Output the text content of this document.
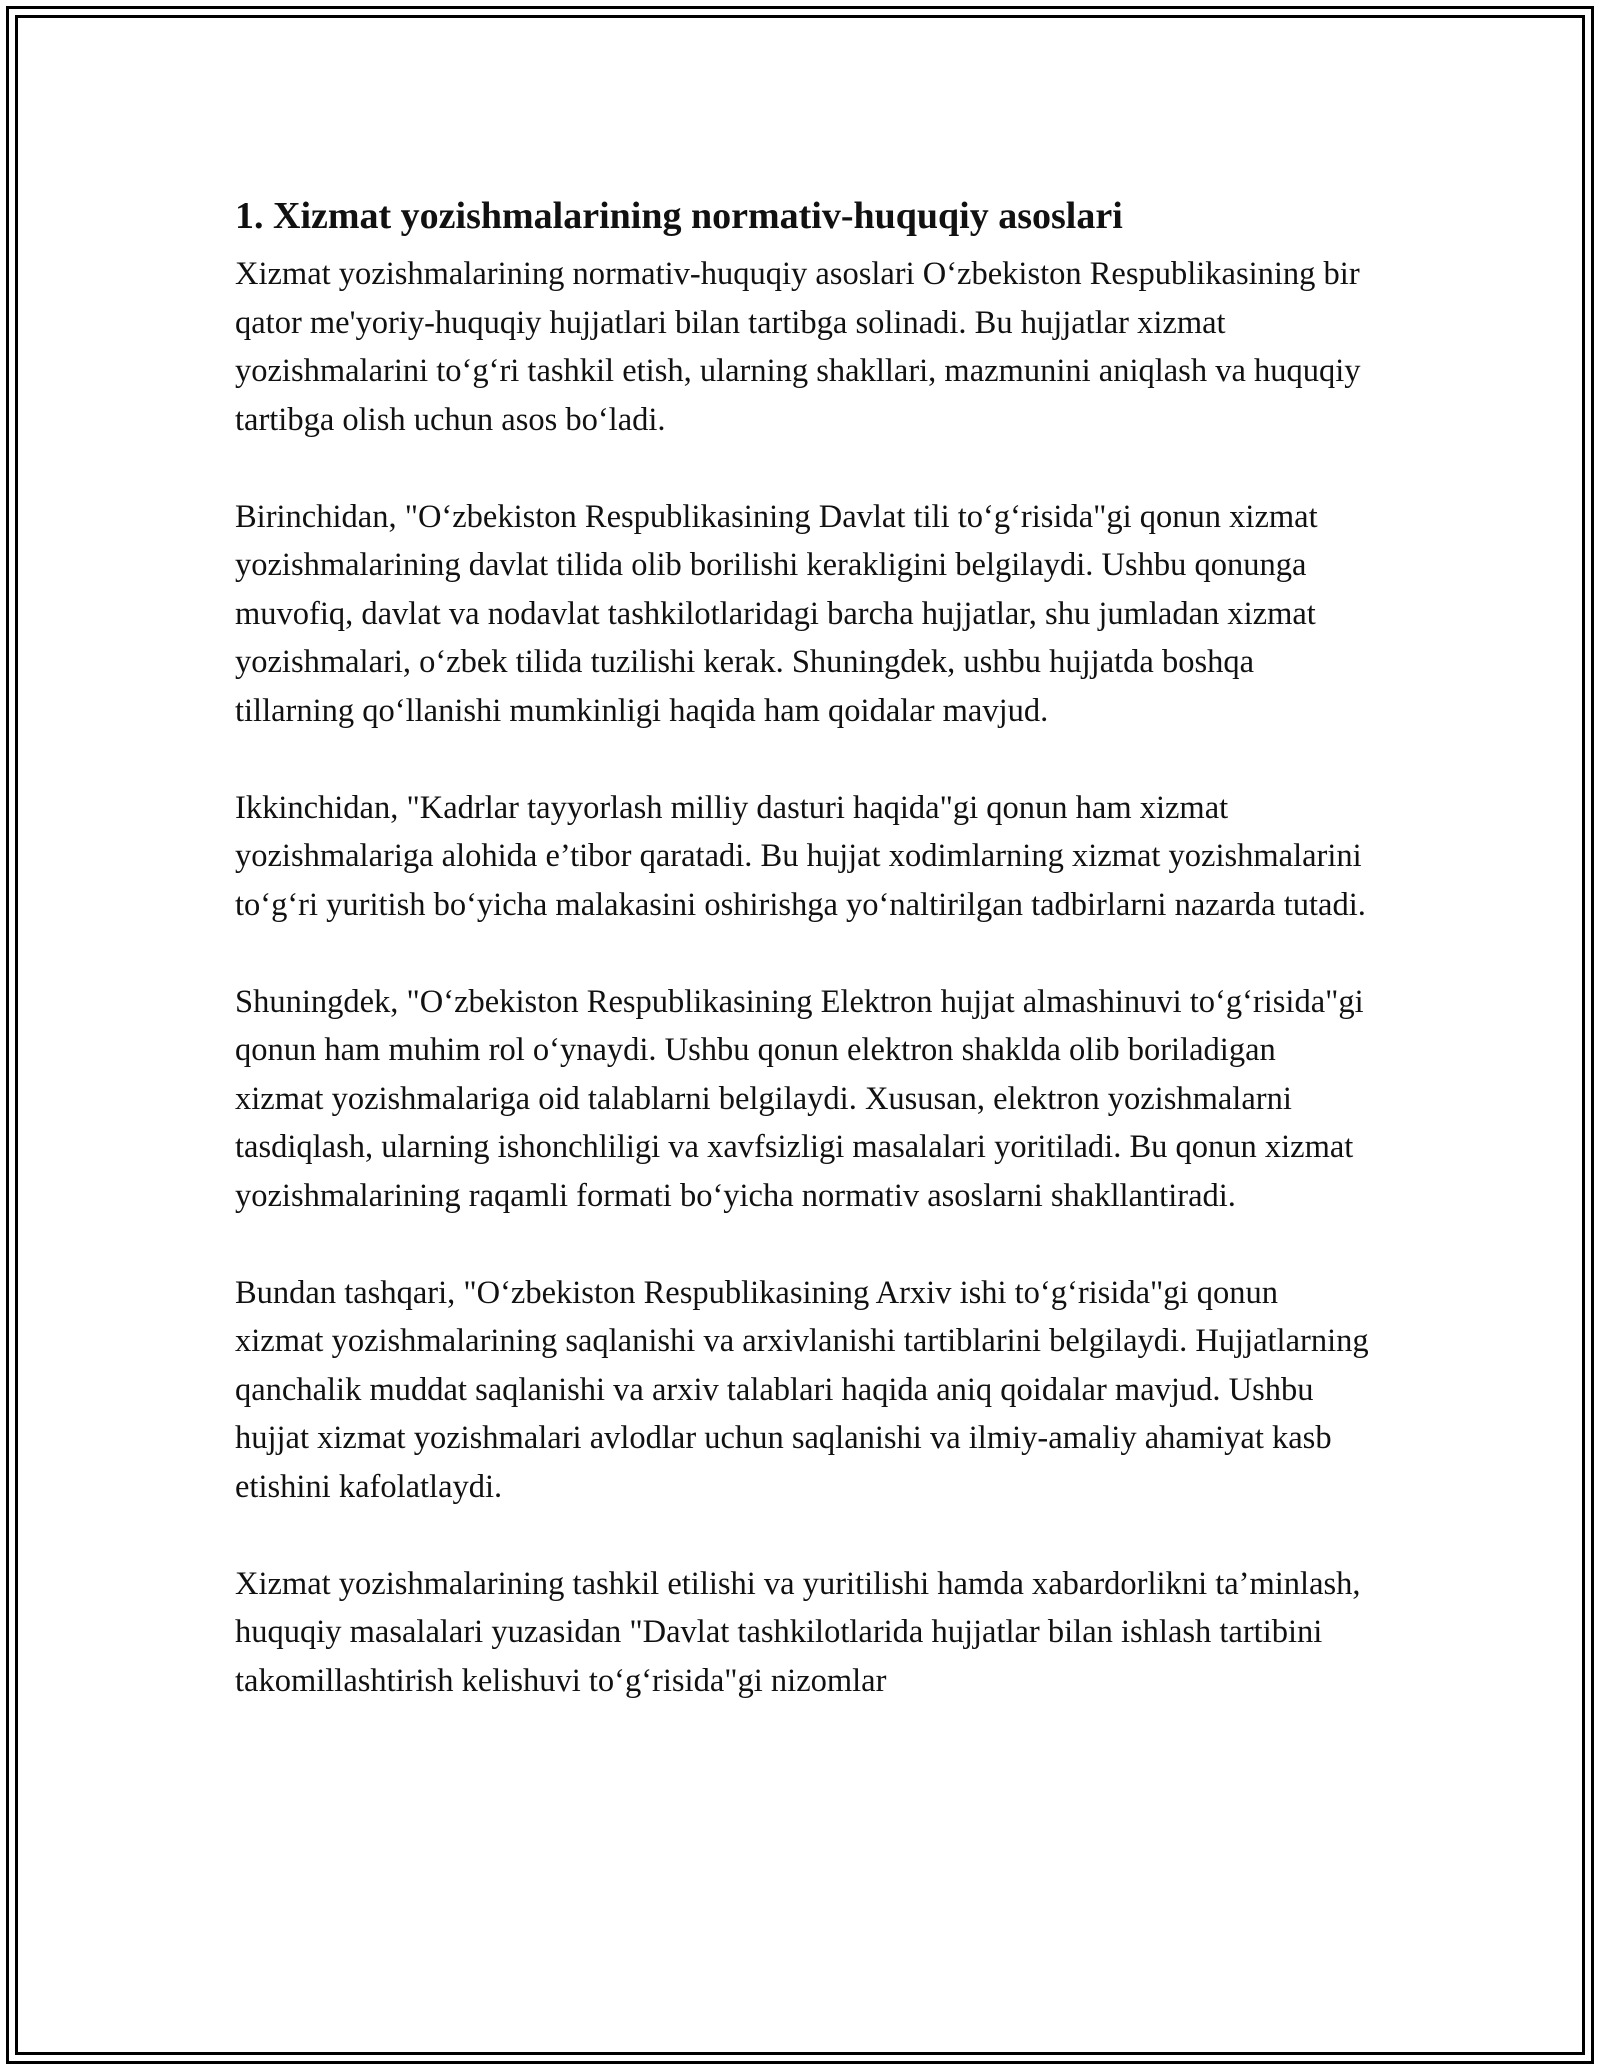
1. Xizmat yozishmalarining normativ-huquqiy asoslari

Xizmat yozishmalarining normativ-huquqiy asoslari O‘zbekiston Respublikasining bir qator me'yoriy-huquqiy hujjatlari bilan tartibga solinadi. Bu hujjatlar xizmat yozishmalarini to‘g‘ri tashkil etish, ularning shakllari, mazmunini aniqlash va huquqiy tartibga olish uchun asos bo‘ladi.

Birinchidan, "O‘zbekiston Respublikasining Davlat tili to‘g‘risida"gi qonun xizmat yozishmalarining davlat tilida olib borilishi kerakligini belgilaydi. Ushbu qonunga muvofiq, davlat va nodavlat tashkilotlaridagi barcha hujjatlar, shu jumladan xizmat yozishmalari, o‘zbek tilida tuzilishi kerak. Shuningdek, ushbu hujjatda boshqa tillarning qo‘llanishi mumkinligi haqida ham qoidalar mavjud.

Ikkinchidan, "Kadrlar tayyorlash milliy dasturi haqida"gi qonun ham xizmat yozishmalariga alohida e’tibor qaratadi. Bu hujjat xodimlarning xizmat yozishmalarini to‘g‘ri yuritish bo‘yicha malakasini oshirishga yo‘naltirilgan tadbirlarni nazarda tutadi.

Shuningdek, "O‘zbekiston Respublikasining Elektron hujjat almashinuvi to‘g‘risida"gi qonun ham muhim rol o‘ynaydi. Ushbu qonun elektron shaklda olib boriladigan xizmat yozishmalariga oid talablarni belgilaydi. Xususan, elektron yozishmalarni tasdiqlash, ularning ishonchliligi va xavfsizligi masalalari yoritiladi. Bu qonun xizmat yozishmalarining raqamli formati bo‘yicha normativ asoslarni shakllantiradi.

Bundan tashqari, "O‘zbekiston Respublikasining Arxiv ishi to‘g‘risida"gi qonun xizmat yozishmalarining saqlanishi va arxivlanishi tartiblarini belgilaydi. Hujjatlarning qanchalik muddat saqlanishi va arxiv talablari haqida aniq qoidalar mavjud. Ushbu hujjat xizmat yozishmalari avlodlar uchun saqlanishi va ilmiy-amaliy ahamiyat kasb etishini kafolatlaydi.

Xizmat yozishmalarining tashkil etilishi va yuritilishi hamda xabardorlikni ta’minlash, huquqiy masalalari yuzasidan "Davlat tashkilotlarida hujjatlar bilan ishlash tartibini takomillashtirish kelishuvi to‘g‘risida"gi nizomlar
